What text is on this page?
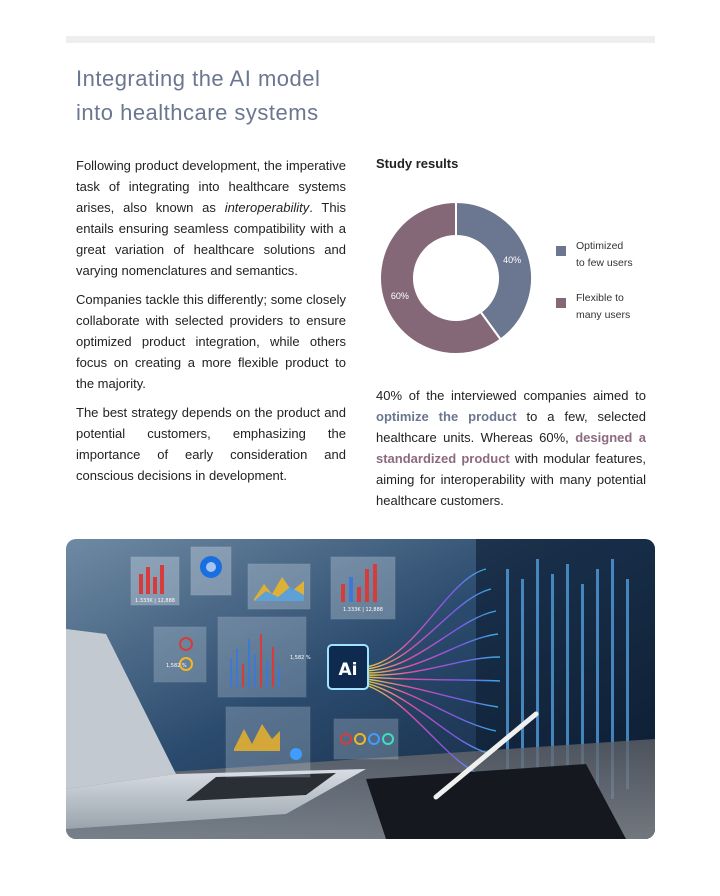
Integrating the AI model
into healthcare systems

Following product development, the imperative task of integrating into healthcare systems arises, also known as interoperability. This entails ensuring seamless compatibility with a great variation of healthcare solutions and varying nomenclatures and semantics.

Companies tackle this differently; some closely collaborate with selected providers to ensure optimized product integration, while others focus on creating a more flexible product to the majority.

The best strategy depends on the product and potential customers, emphasizing the importance of early consideration and conscious decisions in development.

Study results
40%
60%
Optimized
to few users
Flexible to
many users

40% of the interviewed companies aimed to optimize the product to a few, selected healthcare units. Whereas 60%, designed a standardized product with modular features, aiming for interoperability with many potential healthcare customers.

Ai
1.333K | 12,888
1.333K | 12,888
1,582 %
1,582 %
